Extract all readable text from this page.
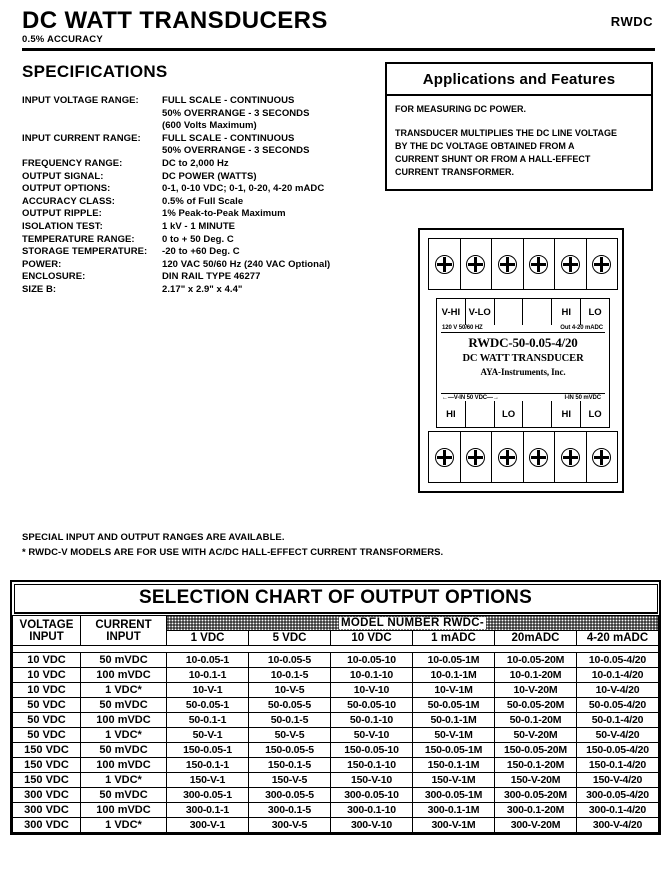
DC WATT TRANSDUCERS	RWDC
0.5% ACCURACY
SPECIFICATIONS
INPUT VOLTAGE RANGE:	FULL SCALE - CONTINUOUS
	50% OVERRANGE - 3 SECONDS
	(600 Volts Maximum)
INPUT CURRENT RANGE:	FULL SCALE - CONTINUOUS
	50% OVERRANGE - 3 SECONDS
FREQUENCY RANGE:	DC to 2,000 Hz
OUTPUT SIGNAL:	DC POWER (WATTS)
OUTPUT OPTIONS:	0-1, 0-10 VDC; 0-1, 0-20, 4-20 mADC
ACCURACY CLASS:	0.5% of Full Scale
OUTPUT RIPPLE:	1% Peak-to-Peak Maximum
ISOLATION TEST:	1 kV - 1 MINUTE
TEMPERATURE RANGE:	0 to + 50 Deg. C
STORAGE TEMPERATURE:	-20 to +60 Deg. C
POWER:	120 VAC 50/60 Hz (240 VAC Optional)
ENCLOSURE:	DIN RAIL TYPE 46277
SIZE B:	2.17" x 2.9" x 4.4"
Applications and Features

FOR MEASURING DC POWER.

TRANSDUCER MULTIPLIES THE DC LINE VOLTAGE
BY THE DC VOLTAGE OBTAINED FROM A
CURRENT SHUNT OR FROM A HALL-EFFECT
CURRENT TRANSFORMER.

V-HI V-LO

	HI	LO
120 V 50/60 HZ	Out 4-20 mADC
RWDC-50-0.05-4/20
DC WATT TRANSDUCER
AYA-Instruments, Inc.
←—V-IN 50 VDC—→	I-IN 50 mVDC
HI
	LO
	HI	LO

SPECIAL INPUT AND OUTPUT RANGES ARE AVAILABLE.

* RWDC-V MODELS ARE FOR USE WITH AC/DC HALL-EFFECT CURRENT TRANSFORMERS.

SELECTION CHART OF OUTPUT OPTIONS
VOLTAGE
INPUT

CURRENT
INPUT
	MODEL NUMBER RWDC-
		1 VDC	5 VDC	10 VDC	1 mADC	20mADC	4-20 mADC

10 VDC	50 mVDC	10-0.05-1	10-0.05-5	10-0.05-10	10-0.05-1M	10-0.05-20M	10-0.05-4/20
10 VDC	100 mVDC	10-0.1-1	10-0.1-5	10-0.1-10	10-0.1-1M	10-0.1-20M	10-0.1-4/20
10 VDC	1 VDC*	10-V-1	10-V-5	10-V-10	10-V-1M	10-V-20M	10-V-4/20
50 VDC	50 mVDC	50-0.05-1	50-0.05-5	50-0.05-10	50-0.05-1M	50-0.05-20M	50-0.05-4/20
50 VDC	100 mVDC	50-0.1-1	50-0.1-5	50-0.1-10	50-0.1-1M	50-0.1-20M	50-0.1-4/20
50 VDC	1 VDC*	50-V-1	50-V-5	50-V-10	50-V-1M	50-V-20M	50-V-4/20
150 VDC	50 mVDC	150-0.05-1	150-0.05-5	150-0.05-10	150-0.05-1M	150-0.05-20M	150-0.05-4/20
150 VDC	100 mVDC	150-0.1-1	150-0.1-5	150-0.1-10	150-0.1-1M	150-0.1-20M	150-0.1-4/20
150 VDC	1 VDC*	150-V-1	150-V-5	150-V-10	150-V-1M	150-V-20M	150-V-4/20
300 VDC	50 mVDC	300-0.05-1	300-0.05-5	300-0.05-10	300-0.05-1M	300-0.05-20M	300-0.05-4/20
300 VDC	100 mVDC	300-0.1-1	300-0.1-5	300-0.1-10	300-0.1-1M	300-0.1-20M	300-0.1-4/20
300 VDC	1 VDC*	300-V-1	300-V-5	300-V-10	300-V-1M	300-V-20M	300-V-4/20
